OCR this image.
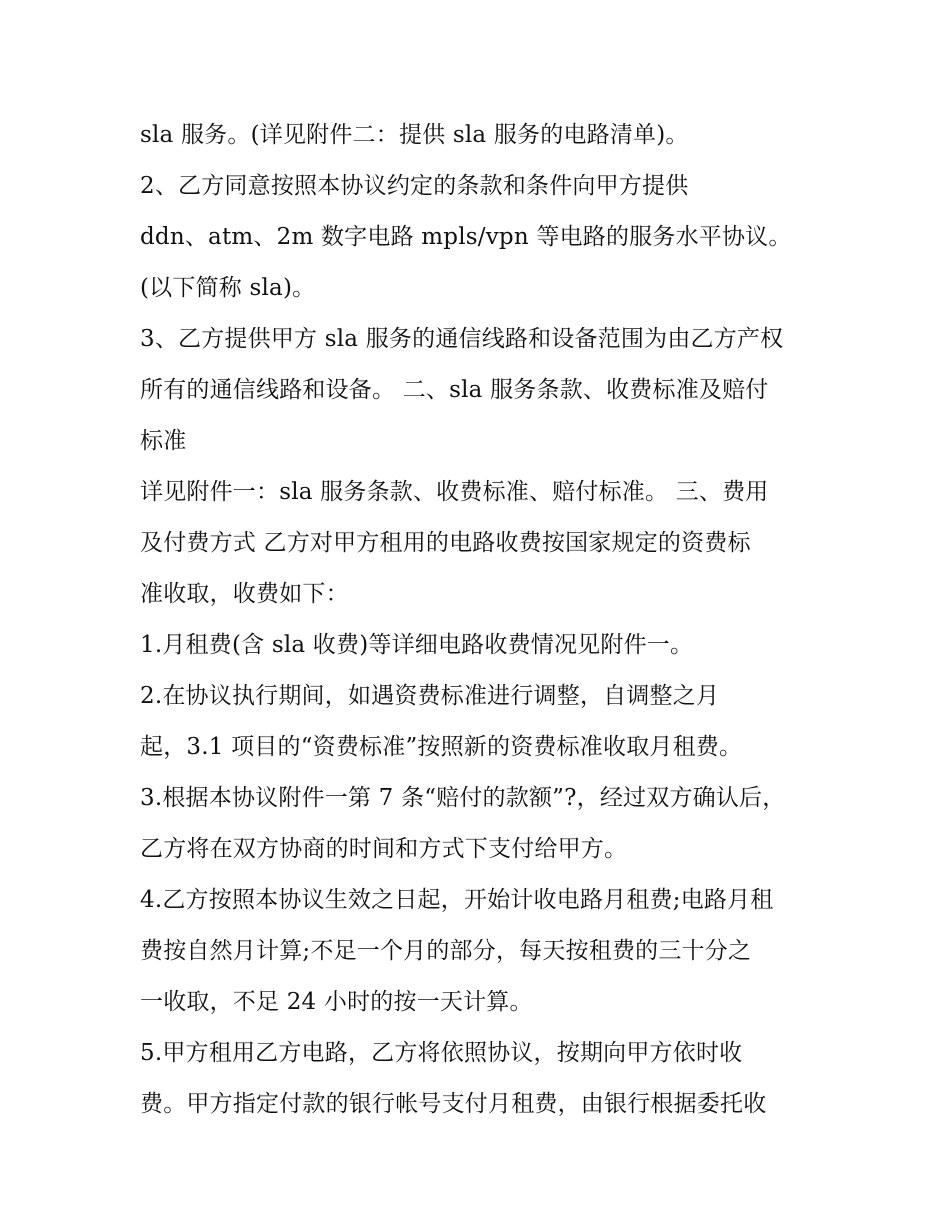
sla 服务。(详见附件二：提供 sla 服务的电路清单)。
2、乙方同意按照本协议约定的条款和条件向甲方提供
ddn、atm、2m 数字电路 mpls/vpn 等电路的服务水平协议。
(以下简称 sla)。
3、乙方提供甲方 sla 服务的通信线路和设备范围为由乙方产权
所有的通信线路和设备。 二、sla 服务条款、收费标准及赔付
标准
详见附件一：sla 服务条款、收费标准、赔付标准。 三、费用
及付费方式 乙方对甲方租用的电路收费按国家规定的资费标
准收取，收费如下：
1.月租费(含 sla 收费)等详细电路收费情况见附件一。
2.在协议执行期间，如遇资费标准进行调整，自调整之月
起，3.1 项目的“资费标准”按照新的资费标准收取月租费。
3.根据本协议附件一第 7 条“赔付的款额”?，经过双方确认后，
乙方将在双方协商的时间和方式下支付给甲方。
4.乙方按照本协议生效之日起，开始计收电路月租费;电路月租
费按自然月计算;不足一个月的部分，每天按租费的三十分之
一收取，不足 24 小时的按一天计算。
5.甲方租用乙方电路，乙方将依照协议，按期向甲方依时收
费。甲方指定付款的银行帐号支付月租费，由银行根据委托收
